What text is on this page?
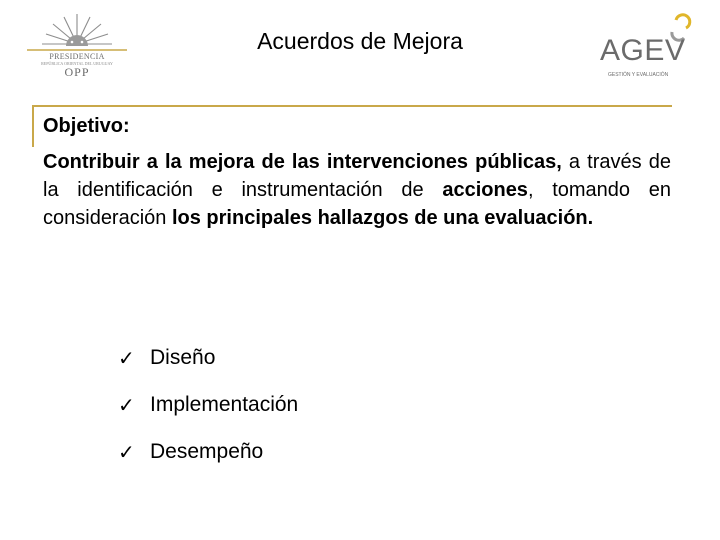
PRESIDENCIA
REPÚBLICA ORIENTAL DEL URUGUAY
OPP
Acuerdos de Mejora	AGEV
GESTIÓN Y EVALUACIÓN
Objetivo:
Contribuir a la mejora de las intervenciones públicas, a través de la identificación e instrumentación de acciones, tomando en consideración los principales hallazgos de una evaluación.
✓ Diseño
✓ Implementación
✓ Desempeño
